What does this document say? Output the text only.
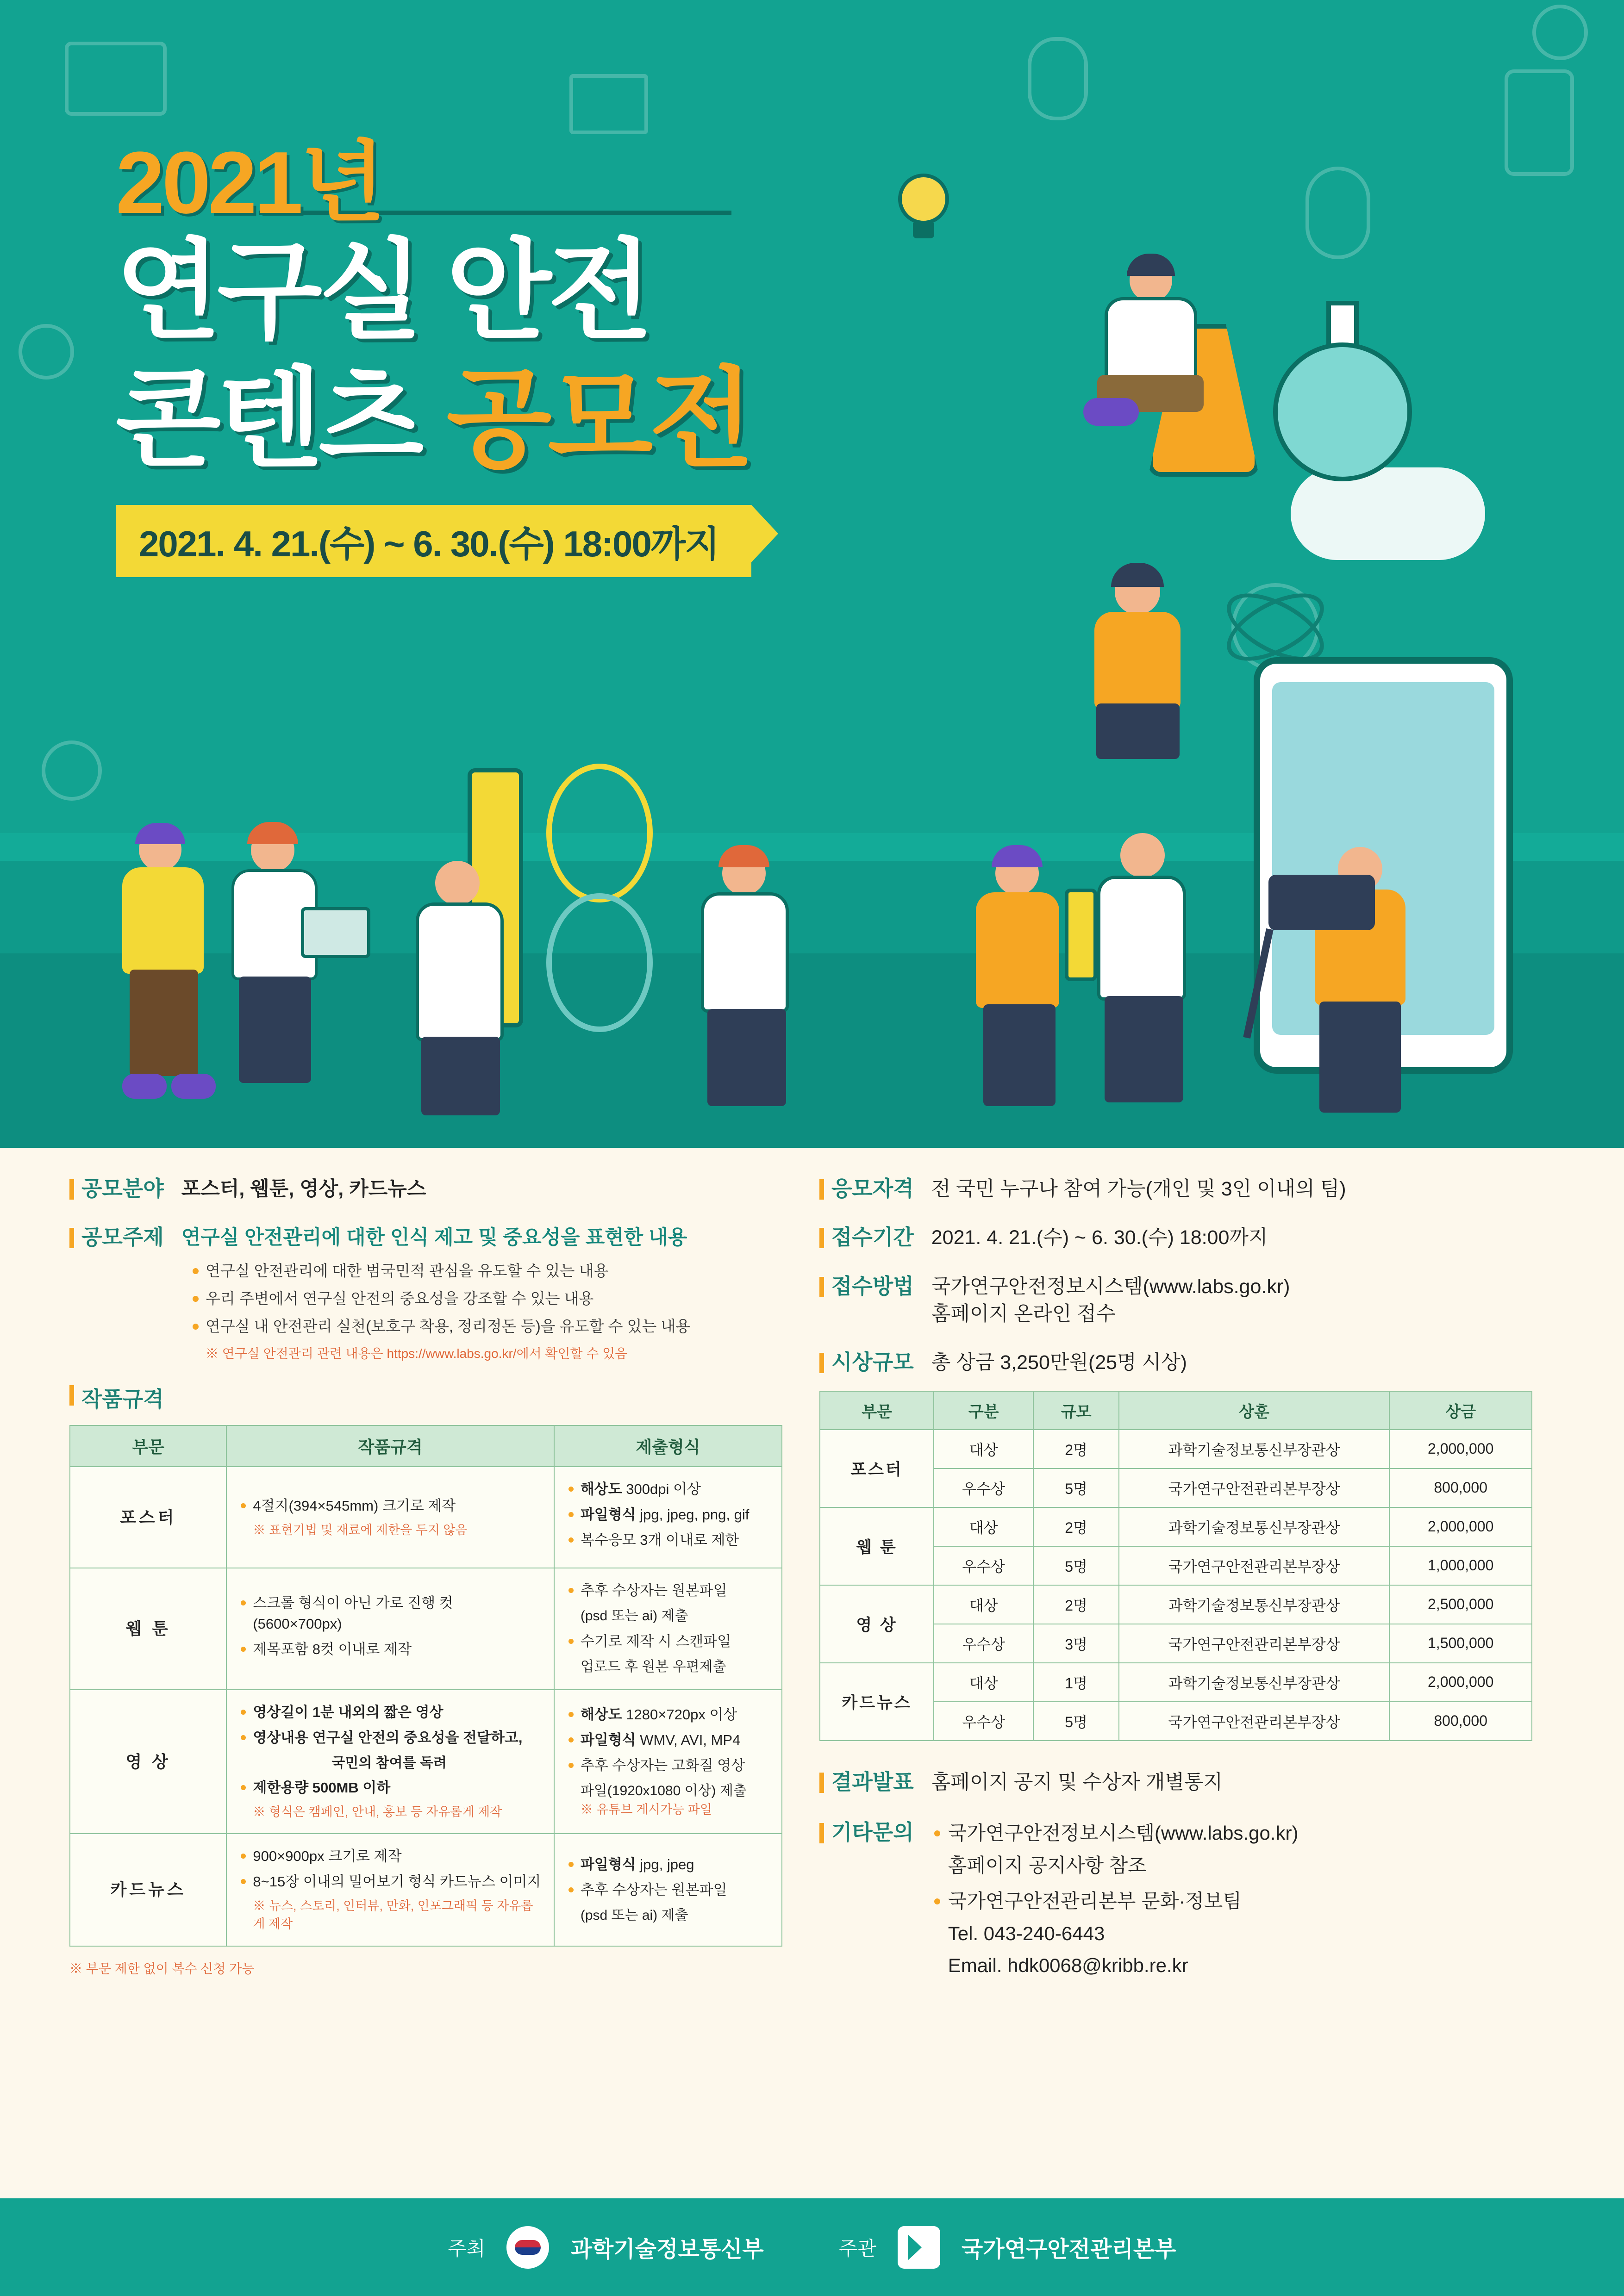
2021년
연구실 안전
콘텐츠 공모전
2021. 4. 21.(수) ~ 6. 30.(수) 18:00까지
공모분야 포스터, 웹툰, 영상, 카드뉴스
공모주제 연구실 안전관리에 대한 인식 제고 및 중요성을 표현한 내용
연구실 안전관리에 대한 범국민적 관심을 유도할 수 있는 내용
우리 주변에서 연구실 안전의 중요성을 강조할 수 있는 내용
연구실 내 안전관리 실천(보호구 착용, 정리정돈 등)을 유도할 수 있는 내용
※ 연구실 안전관리 관련 내용은 https://www.labs.go.kr/에서 확인할 수 있음
작품규격
부문	작품규격	제출형식
포스터	
4절지(394×545mm) 크기로 제작
※ 표현기법 및 재료에 제한을 두지 않음

해상도 300dpi 이상
파일형식 jpg, jpeg, png, gif
복수응모 3개 이내로 제한

웹 툰	
스크롤 형식이 아닌 가로 진행 컷 (5600×700px)
제목포함 8컷 이내로 제작

추후 수상자는 원본파일
(psd 또는 ai) 제출
수기로 제작 시 스캔파일
업로드 후 원본 우편제출

영 상	
영상길이 1분 내외의 짧은 영상
영상내용 연구실 안전의 중요성을 전달하고,
국민의 참여를 독려
제한용량 500MB 이하
※ 형식은 캠페인, 안내, 홍보 등 자유롭게 제작

해상도 1280×720px 이상
파일형식 WMV, AVI, MP4
추후 수상자는 고화질 영상
파일(1920x1080 이상) 제출
※ 유튜브 게시가능 파일

카드뉴스	
900×900px 크기로 제작
8~15장 이내의 밀어보기 형식 카드뉴스 이미지
※ 뉴스, 스토리, 인터뷰, 만화, 인포그래픽 등 자유롭게 제작

파일형식 jpg, jpeg
추후 수상자는 원본파일
(psd 또는 ai) 제출
※ 부문 제한 없이 복수 신청 가능
응모자격 전 국민 누구나 참여 가능(개인 및 3인 이내의 팀)
접수기간 2021. 4. 21.(수) ~ 6. 30.(수) 18:00까지
접수방법 국가연구안전정보시스템(www.labs.go.kr)
홈페이지 온라인 접수
시상규모 총 상금 3,250만원(25명 시상)
부문	구분	규모	상훈	상금
포스터	대상	2명	과학기술정보통신부장관상	2,000,000
	우수상	5명	국가연구안전관리본부장상	800,000
웹 툰	대상	2명	과학기술정보통신부장관상	2,000,000
	우수상	5명	국가연구안전관리본부장상	1,000,000
영 상	대상	2명	과학기술정보통신부장관상	2,500,000
	우수상	3명	국가연구안전관리본부장상	1,500,000
카드뉴스	대상	1명	과학기술정보통신부장관상	2,000,000
	우수상	5명	국가연구안전관리본부장상	800,000
결과발표 홈페이지 공지 및 수상자 개별통지
기타문의	국가연구안전정보시스템(www.labs.go.kr)
홈페이지 공지사항 참조
국가연구안전관리본부 문화·정보팀
Tel. 043-240-6443
Email. hdk0068@kribb.re.kr
주최	과학기술정보통신부	주관	국가연구안전관리본부
